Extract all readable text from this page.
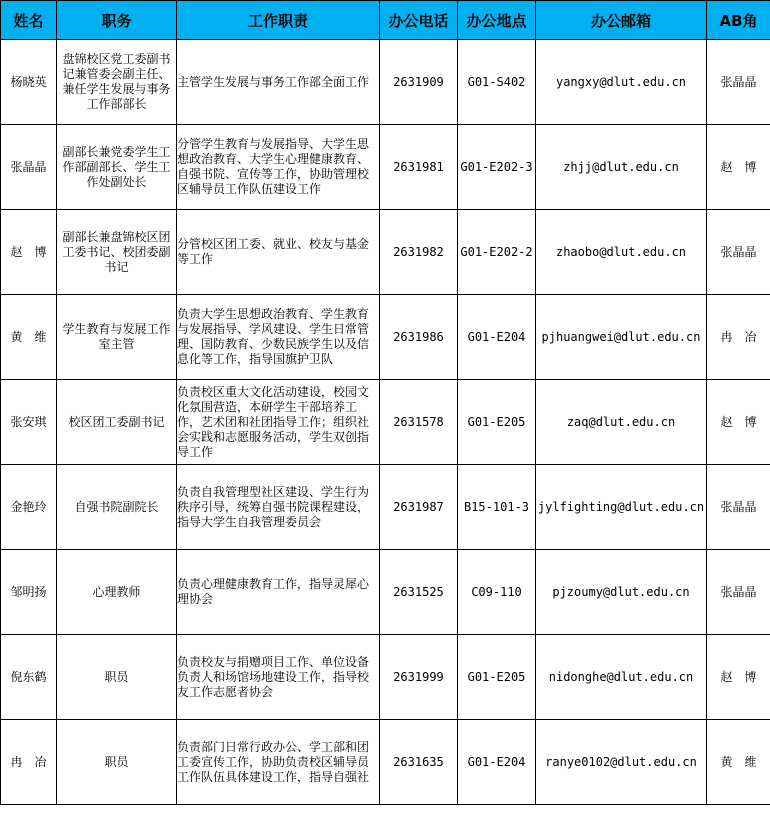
姓名	职务	工作职责	办公电话	办公地点	办公邮箱	AB角
杨晓英	盘锦校区党工委副书记兼管委会副主任、兼任学生发展与事务工作部部长	主管学生发展与事务工作部全面工作	2631909	G01-S402	yangxy@dlut.edu.cn	张晶晶
张晶晶	副部长兼党委学生工作部副部长、学生工作处副处长	分管学生教育与发展指导、大学生思想政治教育、大学生心理健康教育、自强书院、宣传等工作，协助管理校区辅导员工作队伍建设工作	2631981	G01-E202-3	zhjj@dlut.edu.cn	赵　博
赵　博	副部长兼盘锦校区团工委书记、校团委副书记	分管校区团工委、就业、校友与基金等工作	2631982	G01-E202-2	zhaobo@dlut.edu.cn	张晶晶
黄　维	学生教育与发展工作室主管	负责大学生思想政治教育、学生教育与发展指导、学风建设、学生日常管理、国防教育、少数民族学生以及信息化等工作，指导国旗护卫队	2631986	G01-E204	pjhuangwei@dlut.edu.cn	冉　冶
张安琪	校区团工委副书记	负责校区重大文化活动建设，校园文化氛围营造，本研学生干部培养工作，艺术团和社团指导工作；组织社会实践和志愿服务活动，学生双创指导工作	2631578	G01-E205	zaq@dlut.edu.cn	赵　博
金艳玲	自强书院副院长	负责自我管理型社区建设、学生行为秩序引导，统筹自强书院课程建设，指导大学生自我管理委员会	2631987	B15-101-3	jylfighting@dlut.edu.cn	张晶晶
邹明扬	心理教师	负责心理健康教育工作，指导灵犀心理协会	2631525	C09-110	pjzoumy@dlut.edu.cn	张晶晶
倪东鹤	职员	负责校友与捐赠项目工作、单位设备负责人和场馆场地建设工作，指导校友工作志愿者协会	2631999	G01-E205	nidonghe@dlut.edu.cn	赵　博
冉　冶	职员	负责部门日常行政办公、学工部和团工委宣传工作，协助负责校区辅导员工作队伍具体建设工作，指导自强社	2631635	G01-E204	ranye0102@dlut.edu.cn	黄　维
